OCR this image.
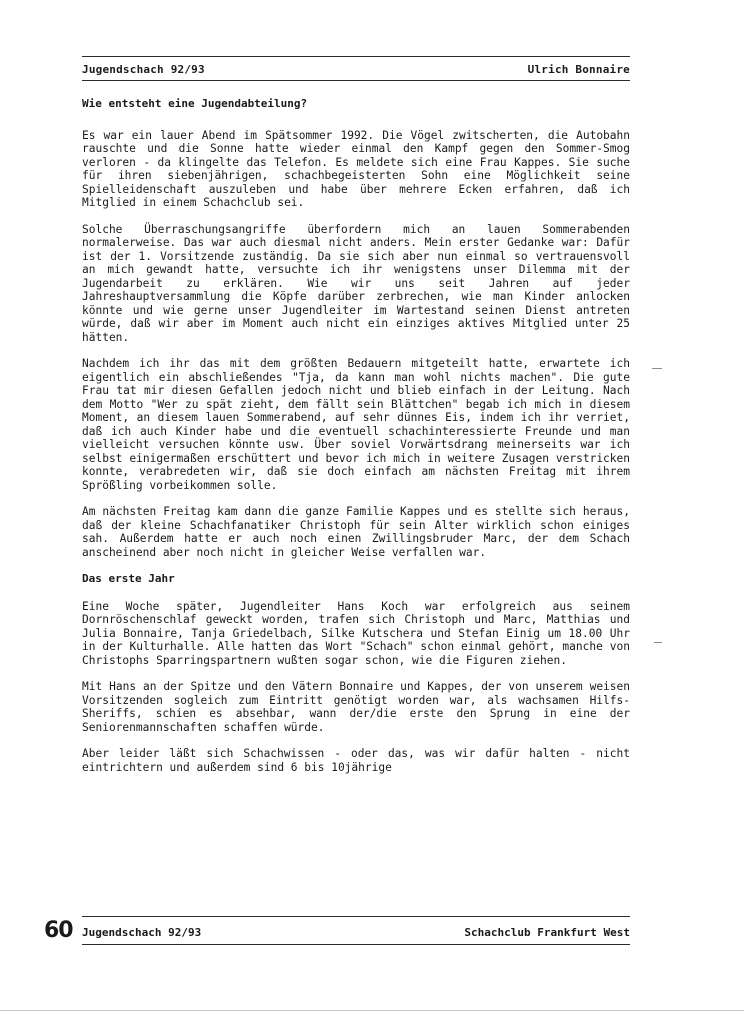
Jugendschach 92/93	Ulrich Bonnaire
Wie entsteht eine Jugendabteilung?

Es war ein lauer Abend im Spätsommer 1992. Die Vögel zwitscherten, die Autobahn rauschte und die Sonne hatte wieder einmal den Kampf gegen den Sommer-Smog verloren - da klingelte das Telefon. Es meldete sich eine Frau Kappes. Sie suche für ihren siebenjährigen, schachbegeisterten Sohn eine Möglichkeit seine Spielleidenschaft auszuleben und habe über mehrere Ecken erfahren, daß ich Mitglied in einem Schachclub sei.

Solche Überraschungsangriffe überfordern mich an lauen Sommerabenden normalerweise. Das war auch diesmal nicht anders. Mein erster Gedanke war: Dafür ist der 1. Vorsitzende zuständig. Da sie sich aber nun einmal so vertrauensvoll an mich gewandt hatte, versuchte ich ihr wenigstens unser Dilemma mit der Jugendarbeit zu erklären. Wie wir uns seit Jahren auf jeder Jahreshauptversammlung die Köpfe darüber zerbrechen, wie man Kinder anlocken könnte und wie gerne unser Jugendleiter im Wartestand seinen Dienst antreten würde, daß wir aber im Moment auch nicht ein einziges aktives Mitglied unter 25 hätten.

Nachdem ich ihr das mit dem größten Bedauern mitgeteilt hatte, erwartete ich eigentlich ein abschließendes "Tja, da kann man wohl nichts machen". Die gute Frau tat mir diesen Gefallen jedoch nicht und blieb einfach in der Leitung. Nach dem Motto "Wer zu spät zieht, dem fällt sein Blättchen" begab ich mich in diesem Moment, an diesem lauen Sommerabend, auf sehr dünnes Eis, indem ich ihr verriet, daß ich auch Kinder habe und die eventuell schachinteressierte Freunde und man vielleicht versuchen könnte usw. Über soviel Vorwärtsdrang meinerseits war ich selbst einigermaßen erschüttert und bevor ich mich in weitere Zusagen verstricken konnte, verabredeten wir, daß sie doch einfach am nächsten Freitag mit ihrem Sprößling vorbeikommen solle.

Am nächsten Freitag kam dann die ganze Familie Kappes und es stellte sich heraus, daß der kleine Schachfanatiker Christoph für sein Alter wirklich schon einiges sah. Außerdem hatte er auch noch einen Zwillingsbruder Marc, der dem Schach anscheinend aber noch nicht in gleicher Weise verfallen war.

Das erste Jahr

Eine Woche später, Jugendleiter Hans Koch war erfolgreich aus seinem Dornröschenschlaf geweckt worden, trafen sich Christoph und Marc, Matthias und Julia Bonnaire, Tanja Griedelbach, Silke Kutschera und Stefan Einig um 18.00 Uhr in der Kulturhalle. Alle hatten das Wort "Schach" schon einmal gehört, manche von Christophs Sparringspartnern wußten sogar schon, wie die Figuren ziehen.

Mit Hans an der Spitze und den Vätern Bonnaire und Kappes, der von unserem weisen Vorsitzenden sogleich zum Eintritt genötigt worden war, als wachsamen Hilfs-Sheriffs, schien es absehbar, wann der/die erste den Sprung in eine der Seniorenmannschaften schaffen würde.

Aber leider läßt sich Schachwissen - oder das, was wir dafür halten - nicht eintrichtern und außerdem sind 6 bis 10jährige

60 Jugendschach 92/93	Schachclub Frankfurt West
